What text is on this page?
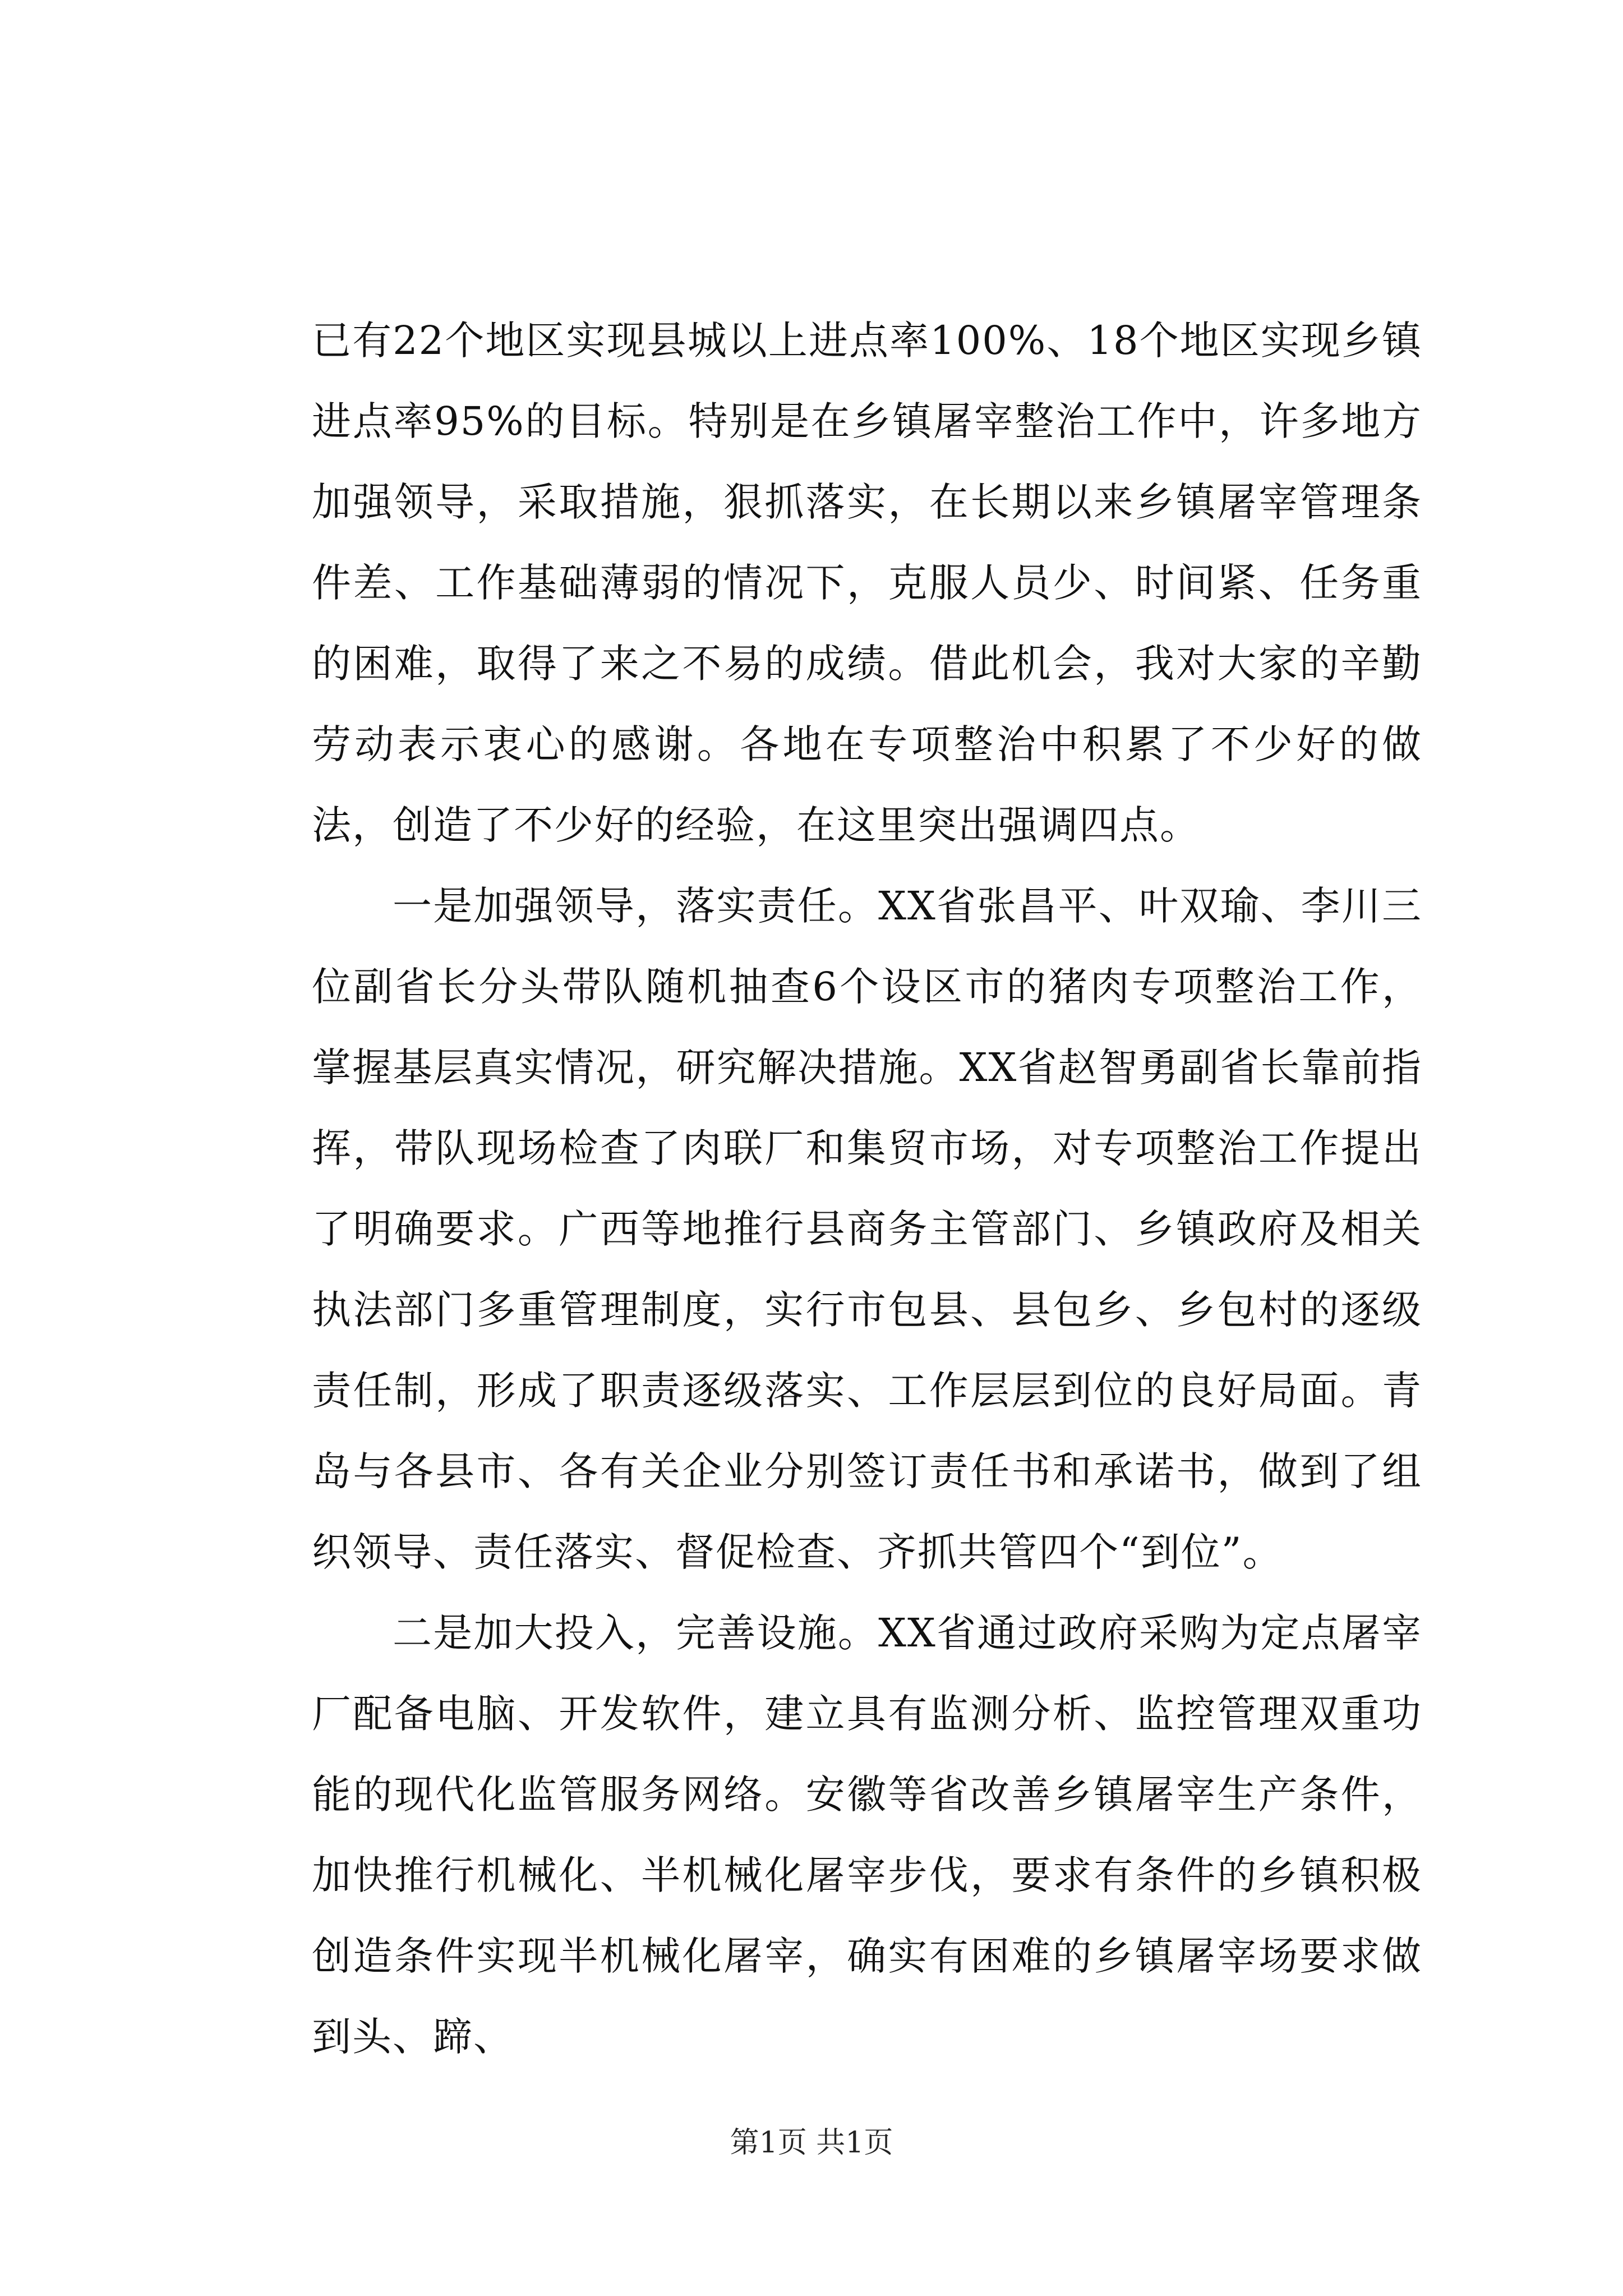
已有22个地区实现县城以上进点率100%、18个地区实现乡镇进点率95%的目标。特别是在乡镇屠宰整治工作中，许多地方加强领导，采取措施，狠抓落实，在长期以来乡镇屠宰管理条件差、工作基础薄弱的情况下，克服人员少、时间紧、任务重的困难，取得了来之不易的成绩。借此机会，我对大家的辛勤劳动表示衷心的感谢。各地在专项整治中积累了不少好的做法，创造了不少好的经验，在这里突出强调四点。

一是加强领导，落实责任。XX省张昌平、叶双瑜、李川三位副省长分头带队随机抽查6个设区市的猪肉专项整治工作，掌握基层真实情况，研究解决措施。XX省赵智勇副省长靠前指挥，带队现场检查了肉联厂和集贸市场，对专项整治工作提出了明确要求。广西等地推行县商务主管部门、乡镇政府及相关执法部门多重管理制度，实行市包县、县包乡、乡包村的逐级责任制，形成了职责逐级落实、工作层层到位的良好局面。青岛与各县市、各有关企业分别签订责任书和承诺书，做到了组织领导、责任落实、督促检查、齐抓共管四个“到位”。

二是加大投入，完善设施。XX省通过政府采购为定点屠宰厂配备电脑、开发软件，建立具有监测分析、监控管理双重功能的现代化监管服务网络。安徽等省改善乡镇屠宰生产条件，加快推行机械化、半机械化屠宰步伐，要求有条件的乡镇积极创造条件实现半机械化屠宰，确实有困难的乡镇屠宰场要求做到头、蹄、

第1页 共1页
